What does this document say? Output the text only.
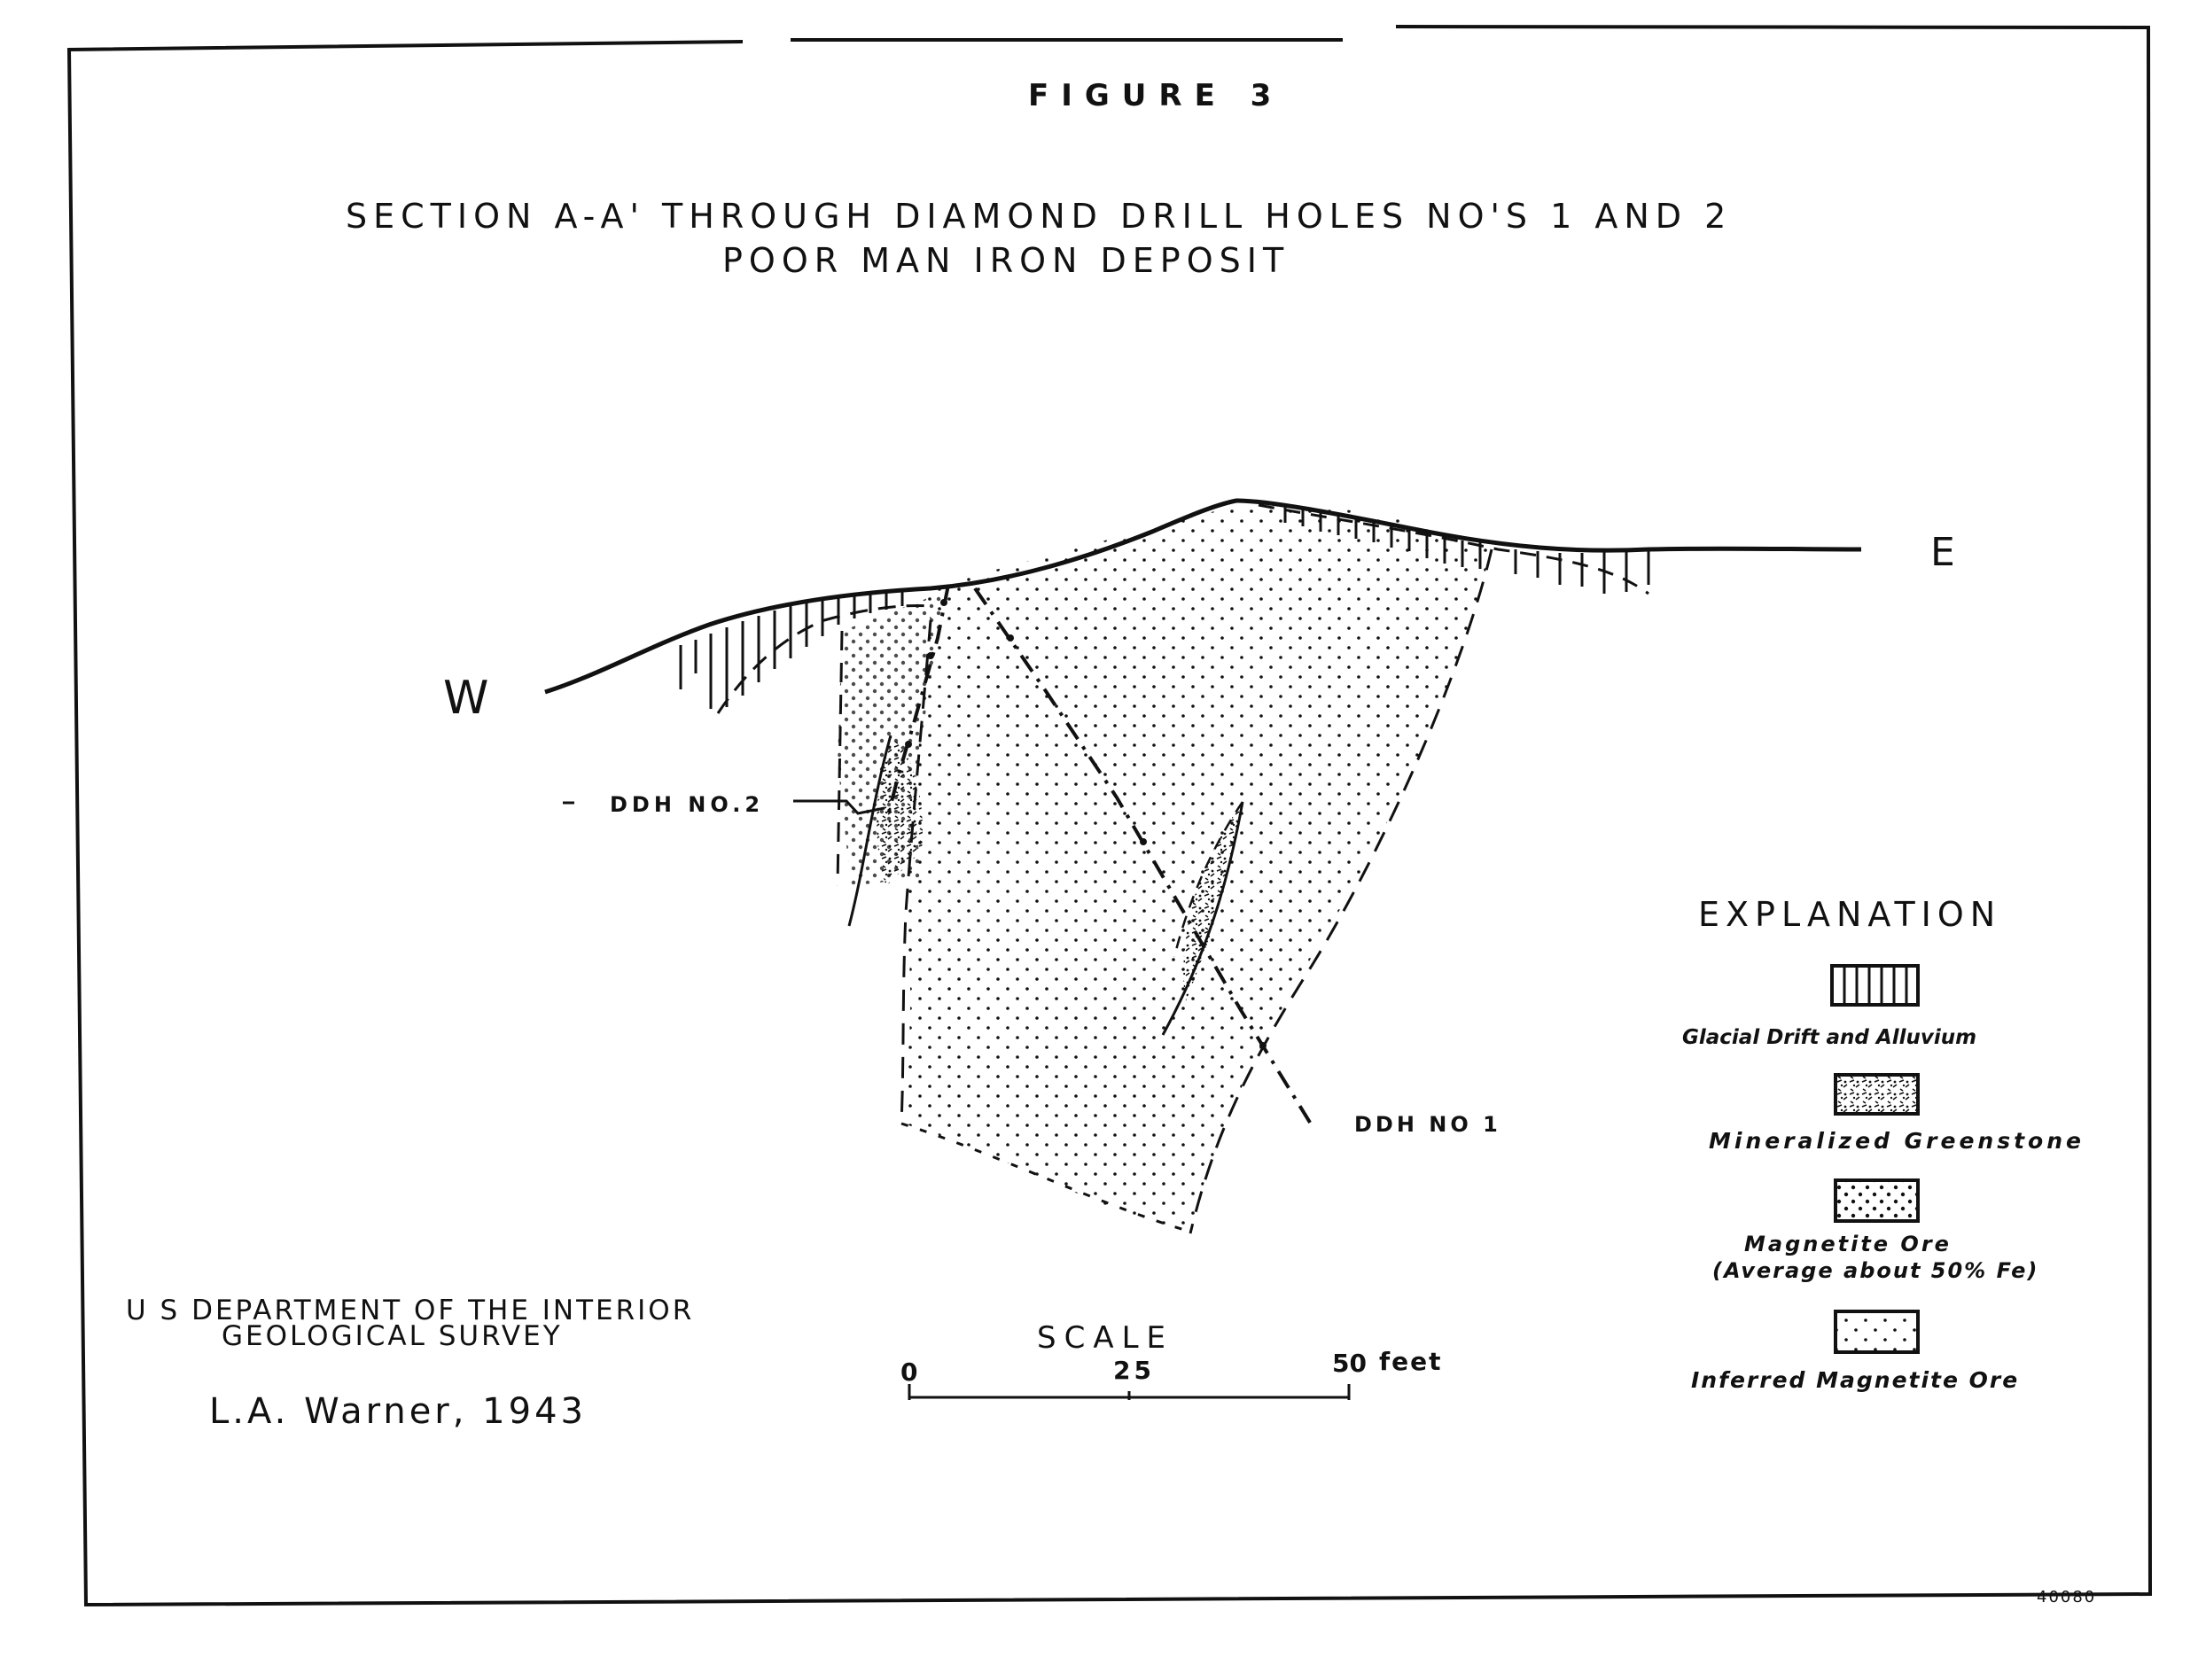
FIGURE 3
SECTION A-A' THROUGH DIAMOND DRILL HOLES NO'S 1 AND 2
POOR MAN IRON DEPOSIT
W
E
DDH NO.2
DDH NO 1
EXPLANATION
Glacial Drift and Alluvium
Mineralized Greenstone
Magnetite Ore
(Average about 50% Fe)
Inferred Magnetite Ore
U S DEPARTMENT OF THE INTERIOR
GEOLOGICAL SURVEY
L.A. Warner, 1943
SCALE
0	25	50 feet
40080
